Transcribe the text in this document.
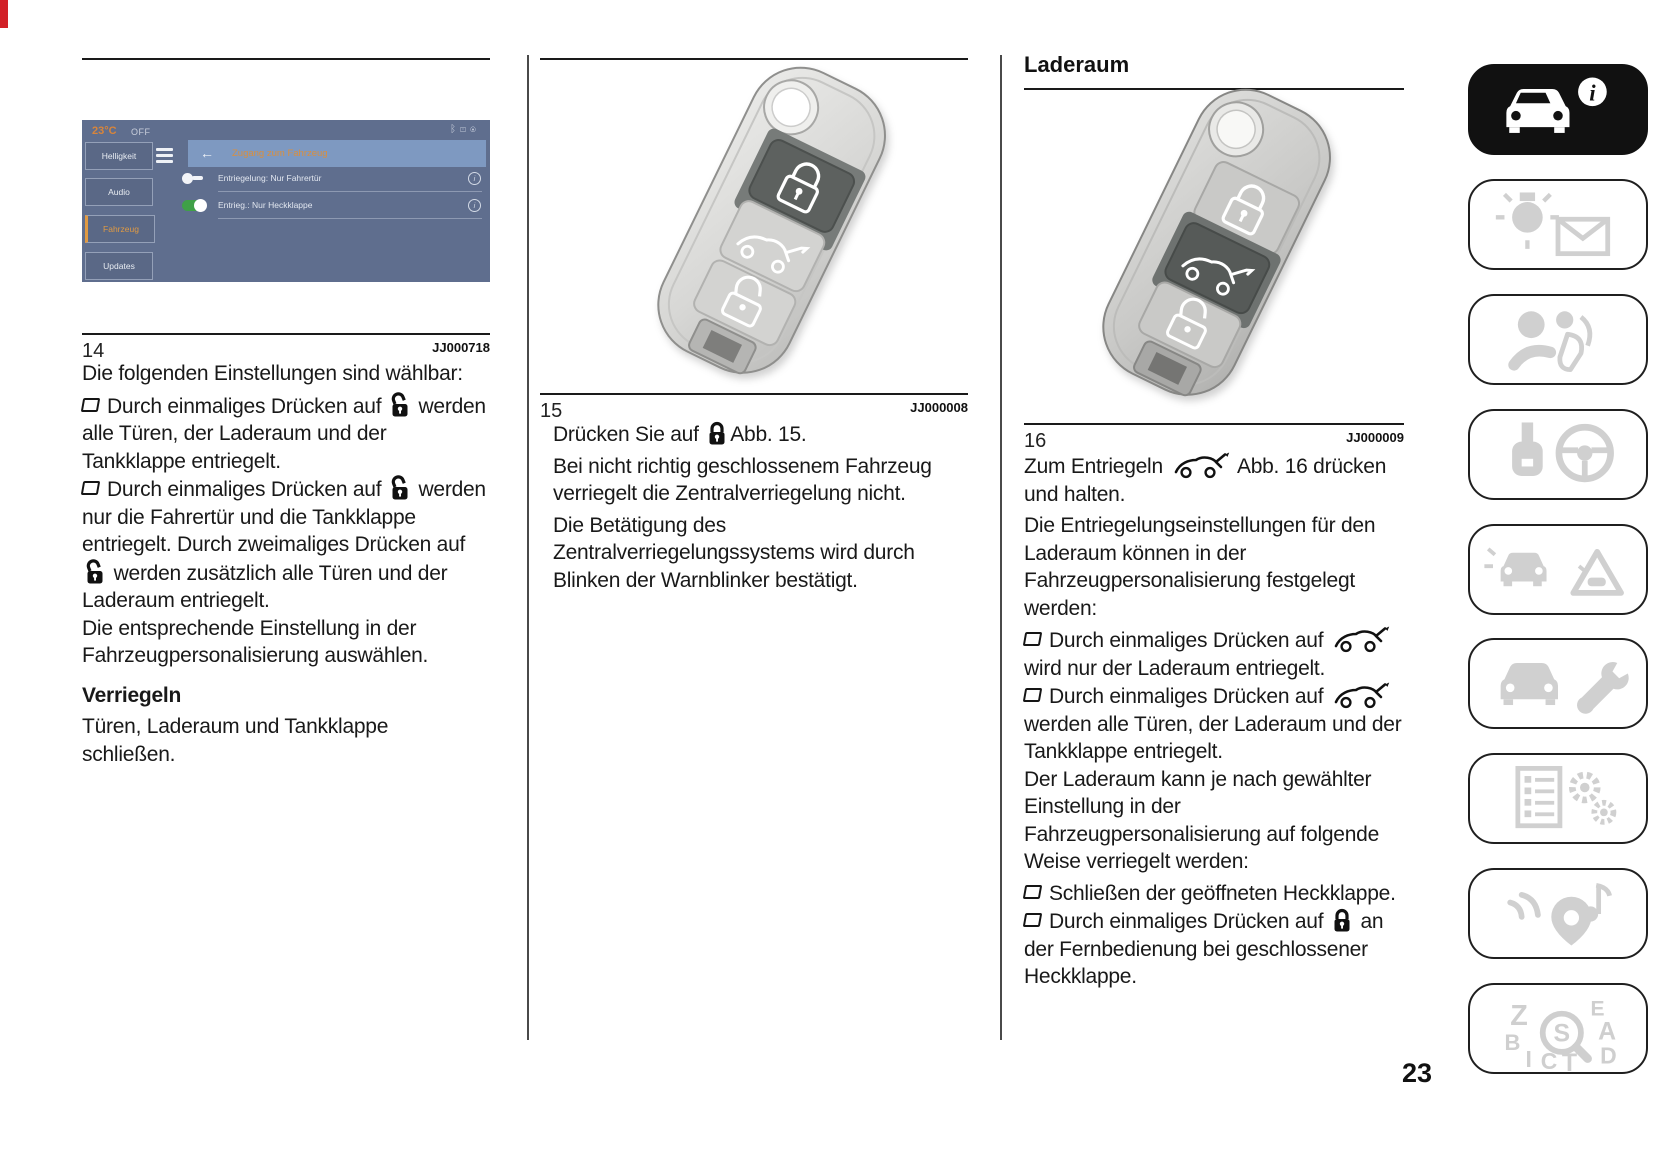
23°C OFF	ᛒ⊡◉
Helligkeit
Audio
Fahrzeug
Updates
← Zugang zum Fahrzeug
Entriegelung: Nur Fahrertür	i
Entrieg.: Nur Heckklappe	i
14	JJ000718

Die folgenden Einstellungen sind wählbar:

Durch einmaliges Drücken auf werden alle Türen, der Laderaum und der Tankklappe entriegelt.

Durch einmaliges Drücken auf werden nur die Fahrertür und die Tankklappe entriegelt. Durch zweimaliges Drücken auf  werden zusätzlich alle Türen und der Laderaum entriegelt.

Die entsprechende Einstellung in der Fahrzeugpersonalisierung auswählen.

Verriegeln

Türen, Laderaum und Tankklappe schließen.

15	JJ000008

Drücken Sie auf Abb. 15.

Bei nicht richtig geschlossenem Fahrzeug verriegelt die Zentralverriegelung nicht.

Die Betätigung des Zentralverriegelungssystems wird durch Blinken der Warnblinker bestätigt.

Laderaum
16	JJ000009

Zum Entriegeln	Abb. 16 drücken und halten.

Die Entriegelungseinstellungen für den Laderaum können in der Fahrzeugpersonalisierung festgelegt werden:

Durch einmaliges Drücken auf  wird nur der Laderaum entriegelt.

Durch einmaliges Drücken auf  werden alle Türen, der Laderaum und der Tankklappe entriegelt.

Der Laderaum kann je nach gewählter Einstellung in der Fahrzeugpersonalisierung auf folgende Weise verriegelt werden:

Schließen der geöffneten Heckklappe.

Durch einmaliges Drücken auf an der Fernbedienung bei geschlossener Heckklappe.

i
Z
B
E
A
I C T D
S
23
